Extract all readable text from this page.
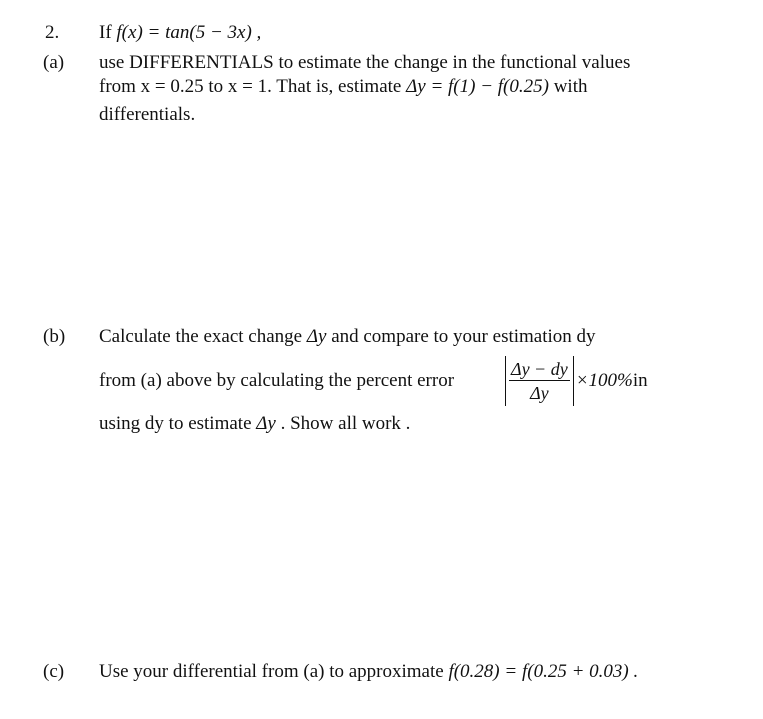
2. If f(x) = tan(5 − 3x) ,
(a) use DIFFERENTIALS to estimate the change in the functional values
from x = 0.25 to x = 1. That is, estimate Δy = f(1) − f(0.25) with
differentials.
(b) Calculate the exact change Δy and compare to your estimation dy
from (a) above by calculating the percent error	$\frac{\Delta y - dy}{\Delta y} \times 100\%$ in
using dy to estimate Δy . Show all work .
(c) Use your differential from (a) to approximate f(0.28) = f(0.25 + 0.03) .
